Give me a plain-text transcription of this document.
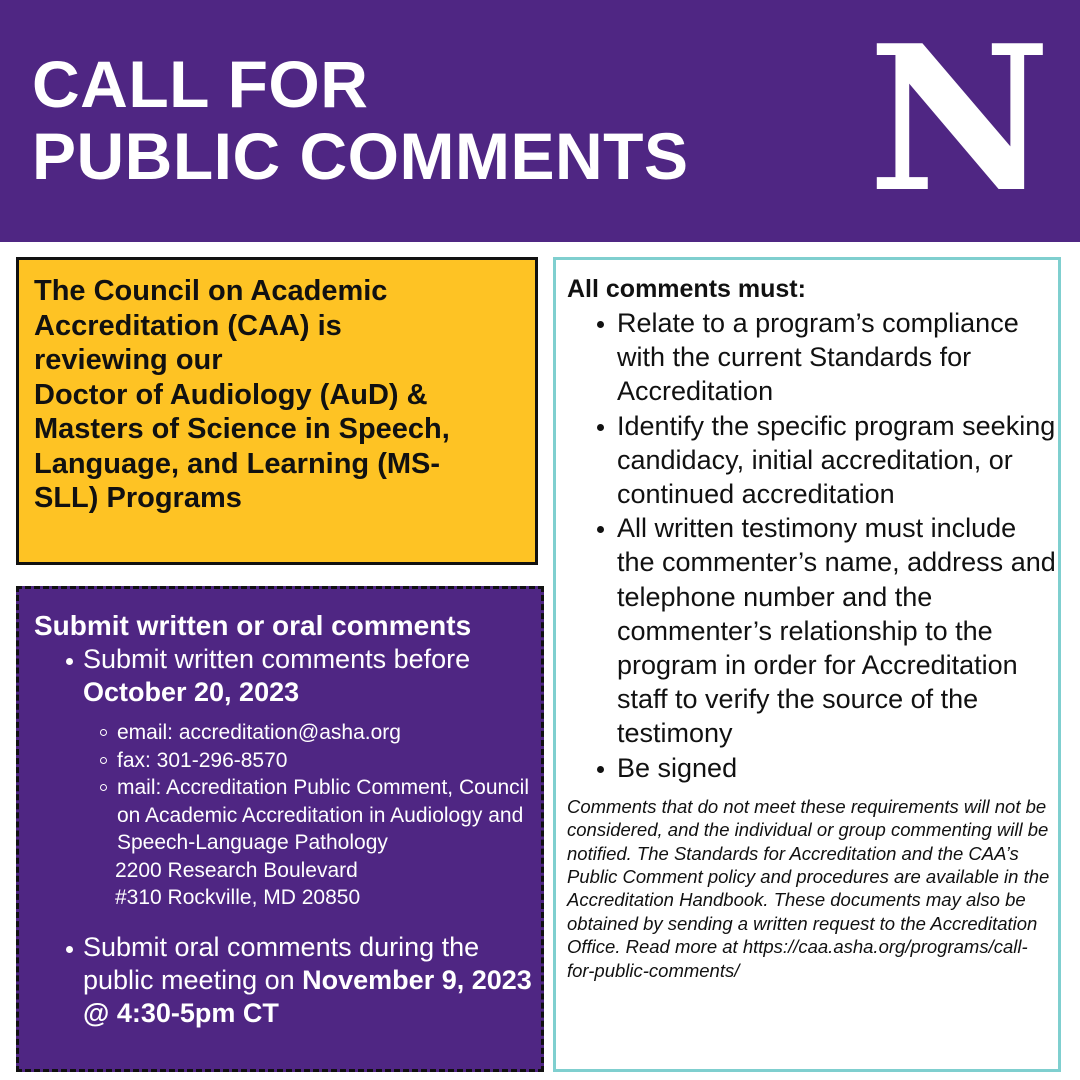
CALL FOR
PUBLIC COMMENTS N

The Council on Academic

Accreditation (CAA) is

reviewing our

Doctor of Audiology (AuD) &

Masters of Science in Speech,

Language, and Learning (MS-

SLL) Programs

Submit written or oral comments
Submit written comments before
October 20, 2023
email: accreditation@asha.org
fax: 301-296-8570
mail: Accreditation Public Comment, Council on Academic Accreditation in Audiology and Speech-Language Pathology
2200 Research Boulevard
#310 Rockville, MD 20850
Submit oral comments during the public meeting on November 9, 2023 @ 4:30-5pm CT
All comments must:
Relate to a program’s compliance with the current Standards for Accreditation
Identify the specific program seeking candidacy, initial accreditation, or continued accreditation
All written testimony must include the commenter’s name, address and telephone number and the commenter’s relationship to the program in order for Accreditation staff to verify the source of the testimony
Be signed

Comments that do not meet these requirements will not be considered, and the individual or group commenting will be notified. The Standards for Accreditation and the CAA’s Public Comment policy and procedures are available in the Accreditation Handbook. These documents may also be obtained by sending a written request to the Accreditation Office. Read more at https://caa.asha.org/programs/call-for-public-comments/
